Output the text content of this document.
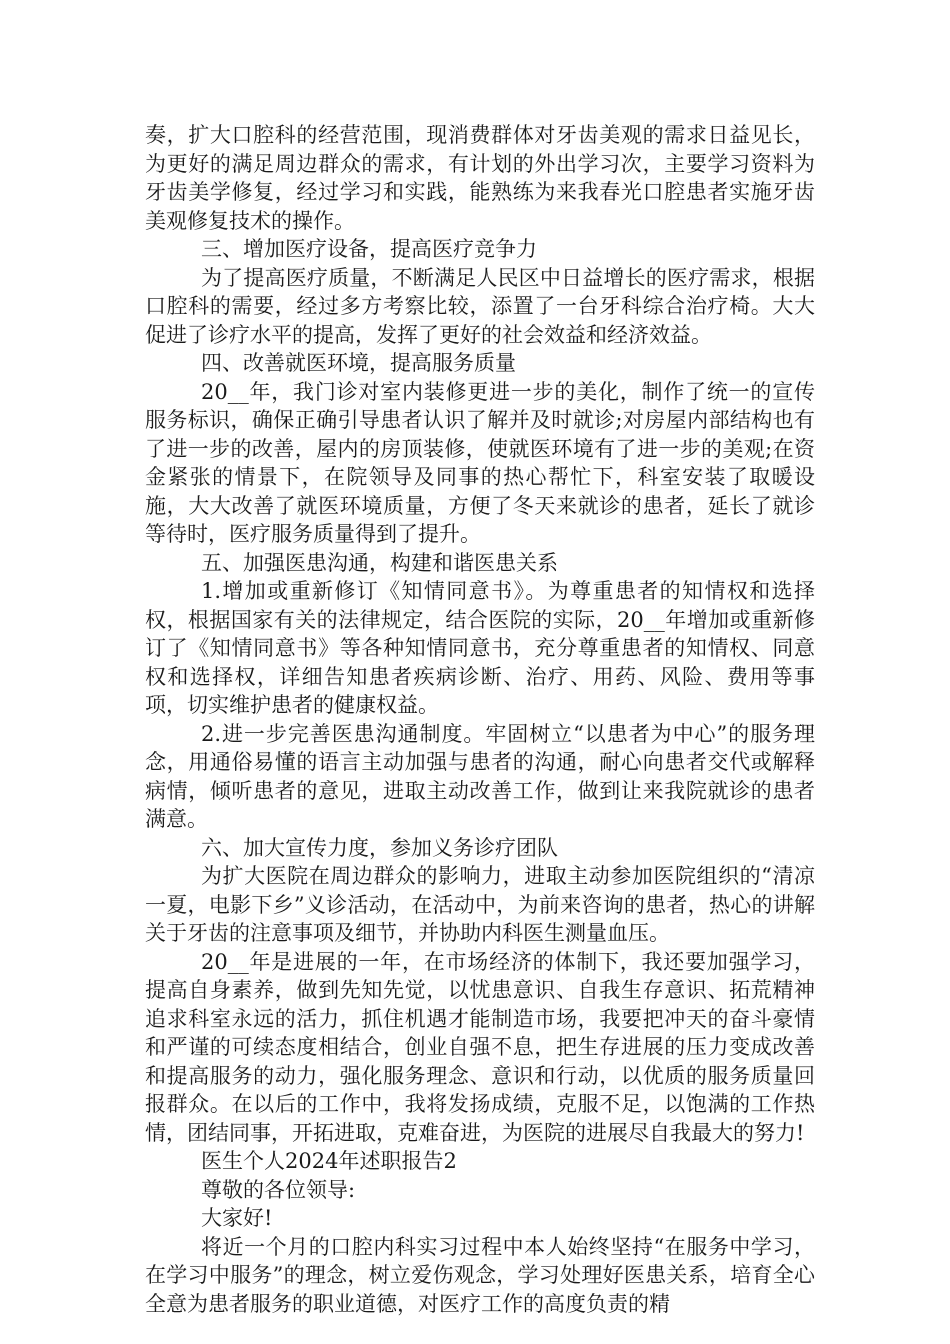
奏，扩大口腔科的经营范围，现消费群体对牙齿美观的需求日益见长，为更好的满足周边群众的需求，有计划的外出学习次，主要学习资料为牙齿美学修复，经过学习和实践，能熟练为来我春光口腔患者实施牙齿美观修复技术的操作。

三、增加医疗设备，提高医疗竞争力

为了提高医疗质量，不断满足人民区中日益增长的医疗需求，根据口腔科的需要，经过多方考察比较，添置了一台牙科综合治疗椅。大大促进了诊疗水平的提高，发挥了更好的社会效益和经济效益。

四、改善就医环境，提高服务质量

20__年，我门诊对室内装修更进一步的美化，制作了统一的宣传服务标识，确保正确引导患者认识了解并及时就诊;对房屋内部结构也有了进一步的改善，屋内的房顶装修，使就医环境有了进一步的美观;在资金紧张的情景下，在院领导及同事的热心帮忙下，科室安装了取暖设施，大大改善了就医环境质量，方便了冬天来就诊的患者，延长了就诊等待时，医疗服务质量得到了提升。

五、加强医患沟通，构建和谐医患关系

1.增加或重新修订《知情同意书》。为尊重患者的知情权和选择权，根据国家有关的法律规定，结合医院的实际，20__年增加或重新修订了《知情同意书》等各种知情同意书，充分尊重患者的知情权、同意权和选择权，详细告知患者疾病诊断、治疗、用药、风险、费用等事项，切实维护患者的健康权益。

2.进一步完善医患沟通制度。牢固树立“以患者为中心”的服务理念，用通俗易懂的语言主动加强与患者的沟通，耐心向患者交代或解释病情，倾听患者的意见，进取主动改善工作，做到让来我院就诊的患者满意。

六、加大宣传力度，参加义务诊疗团队

为扩大医院在周边群众的影响力，进取主动参加医院组织的“清凉一夏，电影下乡”义诊活动，在活动中，为前来咨询的患者，热心的讲解关于牙齿的注意事项及细节，并协助内科医生测量血压。

20__年是进展的一年，在市场经济的体制下，我还要加强学习，提高自身素养，做到先知先觉，以忧患意识、自我生存意识、拓荒精神追求科室永远的活力，抓住机遇才能制造市场，我要把冲天的奋斗豪情和严谨的可续态度相结合，创业自强不息，把生存进展的压力变成改善和提高服务的动力，强化服务理念、意识和行动，以优质的服务质量回报群众。在以后的工作中，我将发扬成绩，克服不足，以饱满的工作热情，团结同事，开拓进取，克难奋进，为医院的进展尽自我最大的努力!

医生个人2024年述职报告2

尊敬的各位领导:

大家好!

将近一个月的口腔内科实习过程中本人始终坚持“在服务中学习，在学习中服务”的理念，树立爱伤观念，学习处理好医患关系，培育全心全意为患者服务的职业道德，对医疗工作的高度负责的精
